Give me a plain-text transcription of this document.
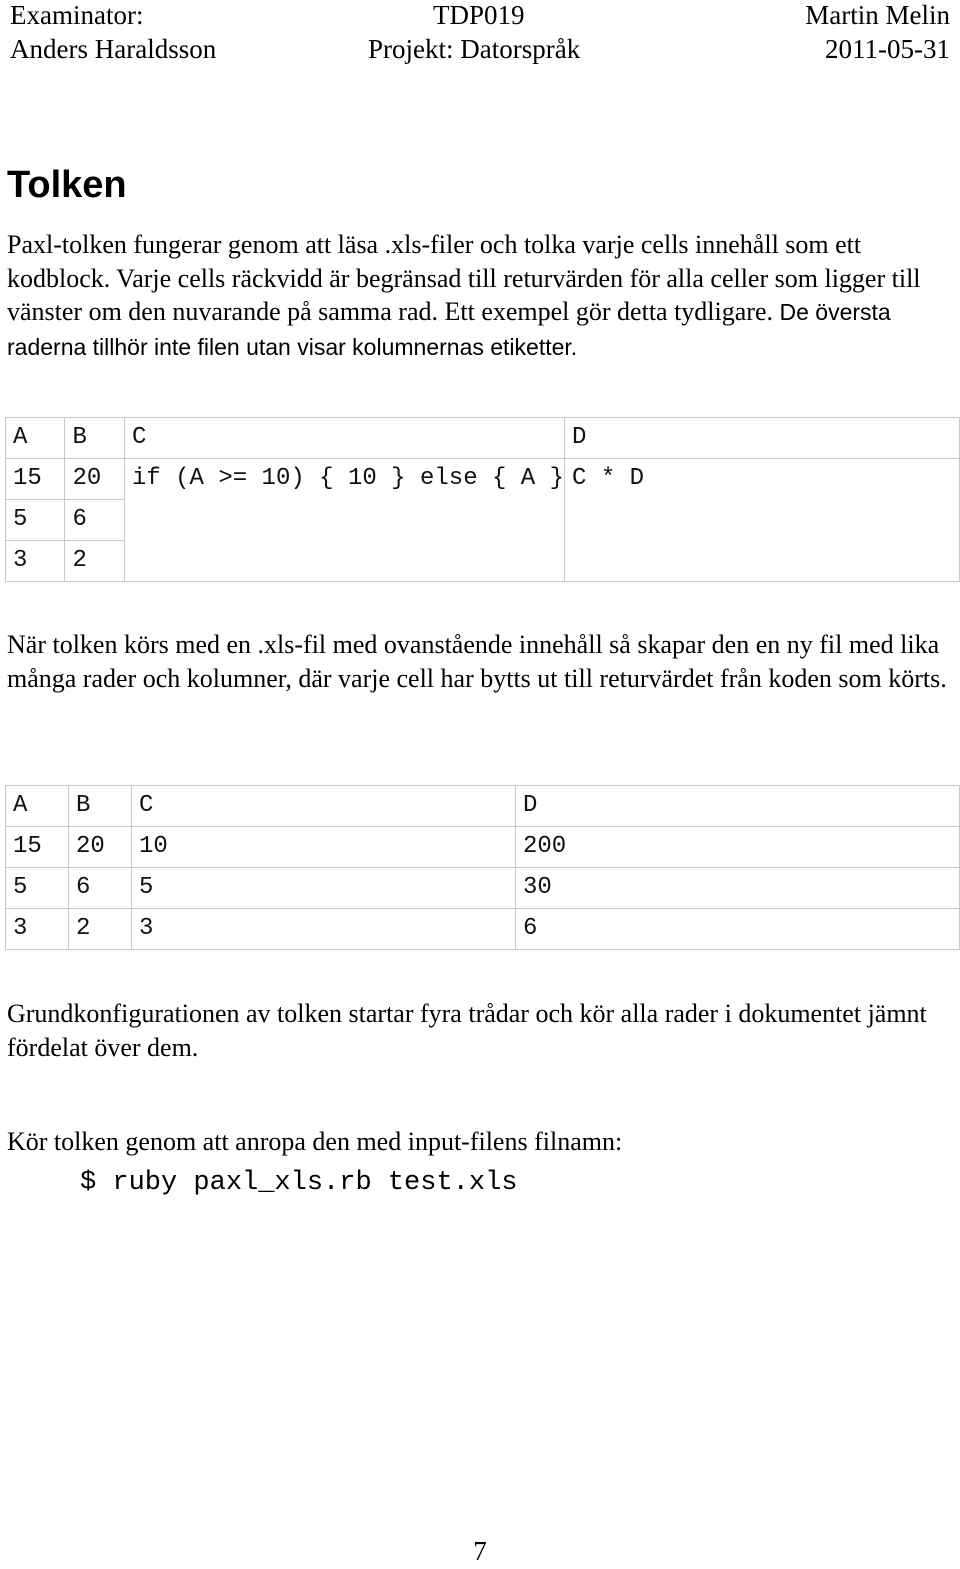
Examinator:
Anders Haraldsson
TDP019
Projekt: Datorspråk
Martin Melin
2011-05-31
Tolken

Paxl-tolken fungerar genom att läsa .xls-filer och tolka varje cells innehåll som ett kodblock. Varje cells räckvidd är begränsad till returvärden för alla celler som ligger till vänster om den nuvarande på samma rad. Ett exempel gör detta tydligare. De översta raderna tillhör inte filen utan visar kolumnernas etiketter.

A	B	C	D
15	20	if (A >= 10) { 10 } else { A }	C * D
5	6		
3	2		

När tolken körs med en .xls-fil med ovanstående innehåll så skapar den en ny fil med lika många rader och kolumner, där varje cell har bytts ut till returvärdet från koden som körts.

A	B	C	D
15	20	10	200
5	6	5	30
3	2	3	6

Grundkonfigurationen av tolken startar fyra trådar och kör alla rader i dokumentet jämnt fördelat över dem.

Kör tolken genom att anropa den med input-filens filnamn:

$ ruby paxl_xls.rb test.xls
7
